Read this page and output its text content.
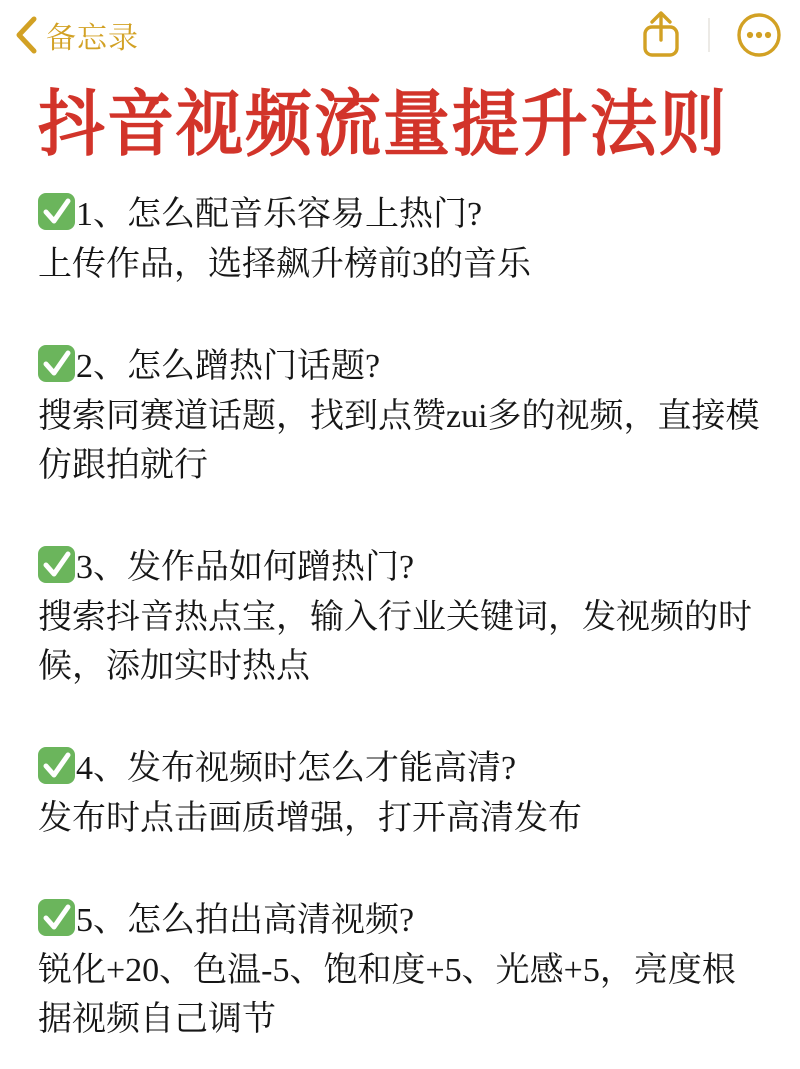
备忘录
抖音视频流量提升法则

1、怎么配音乐容易上热门?

上传作品，选择飙升榜前3的音乐

2、怎么蹭热门话题?

搜索同赛道话题，找到点赞zui多的视频，直接模仿跟拍就行

3、发作品如何蹭热门?

搜索抖音热点宝，输入行业关键词，发视频的时候，添加实时热点

4、发布视频时怎么才能高清?

发布时点击画质增强，打开高清发布

5、怎么拍出高清视频?

锐化+20、色温-5、饱和度+5、光感+5，亮度根据视频自己调节
